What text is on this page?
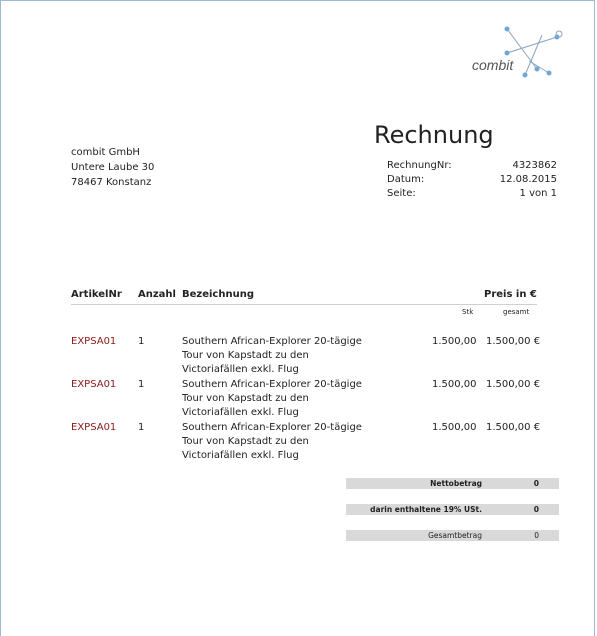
combit
Rechnung
combit GmbH
Untere Laube 30
78467 Konstanz
RechnungNr:	4323862
Datum:	12.08.2015
Seite:	1 von 1
ArtikelNr Anzahl Bezeichnung	Preis in €
Stk	gesamt
EXPSA01 1	Southern African-Explorer 20-tägige
Tour von Kapstadt zu den
Victoriafällen exkl. Flug
1.500,00 1.500,00 €
EXPSA01 1	Southern African-Explorer 20-tägige
Tour von Kapstadt zu den
Victoriafällen exkl. Flug
1.500,00 1.500,00 €
EXPSA01 1	Southern African-Explorer 20-tägige
Tour von Kapstadt zu den
Victoriafällen exkl. Flug
1.500,00 1.500,00 €
Nettobetrag	0
darin enthaltene 19% USt.	0
Gesamtbetrag	0
